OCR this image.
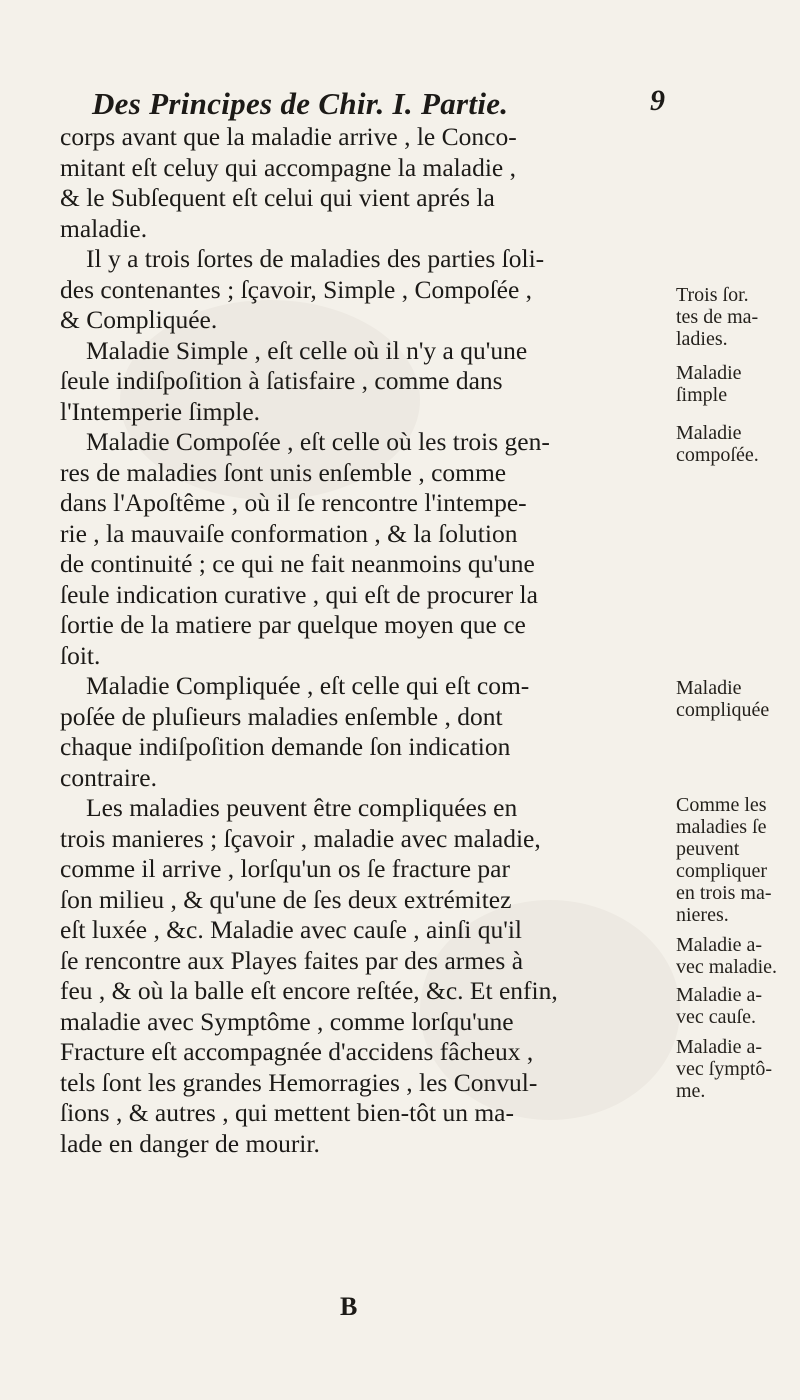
Des Principes de Chir. I. Partie.	9
corps avant que la maladie arrive , le Conco-
mitant eſt celuy qui accompagne la maladie ,
& le Subſequent eſt celui qui vient aprés la
maladie.
Il y a trois ſortes de maladies des parties ſoli-
des contenantes ; ſçavoir, Simple , Compoſée ,
& Compliquée.
Maladie Simple , eſt celle où il n'y a qu'une
ſeule indiſpoſition à ſatisfaire , comme dans
l'Intemperie ſimple.
Maladie Compoſée , eſt celle où les trois gen-
res de maladies ſont unis enſemble , comme
dans l'Apoſtême , où il ſe rencontre l'intempe-
rie , la mauvaiſe conformation , & la ſolution
de continuité ; ce qui ne fait neanmoins qu'une
ſeule indication curative , qui eſt de procurer la
ſortie de la matiere par quelque moyen que ce
ſoit.
Maladie Compliquée , eſt celle qui eſt com-
poſée de pluſieurs maladies enſemble , dont
chaque indiſpoſition demande ſon indication
contraire.
Les maladies peuvent être compliquées en
trois manieres ; ſçavoir , maladie avec maladie,
comme il arrive , lorſqu'un os ſe fracture par
ſon milieu , & qu'une de ſes deux extrémitez
eſt luxée , &c. Maladie avec cauſe , ainſi qu'il
ſe rencontre aux Playes faites par des armes à
feu , & où la balle eſt encore reſtée, &c. Et enfin,
maladie avec Symptôme , comme lorſqu'une
Fracture eſt accompagnée d'accidens fâcheux ,
tels ſont les grandes Hemorragies , les Convul-
ſions , & autres , qui mettent bien-tôt un ma-
lade en danger de mourir.
Trois ſor.
tes de ma-
ladies.
Maladie
ſimple
Maladie
compoſée.
Maladie
compliquée
Comme les
maladies ſe
peuvent
compliquer
en trois ma-
nieres.
Maladie a-
vec maladie.
Maladie a-
vec cauſe.
Maladie a-
vec ſymptô-
me.
B
